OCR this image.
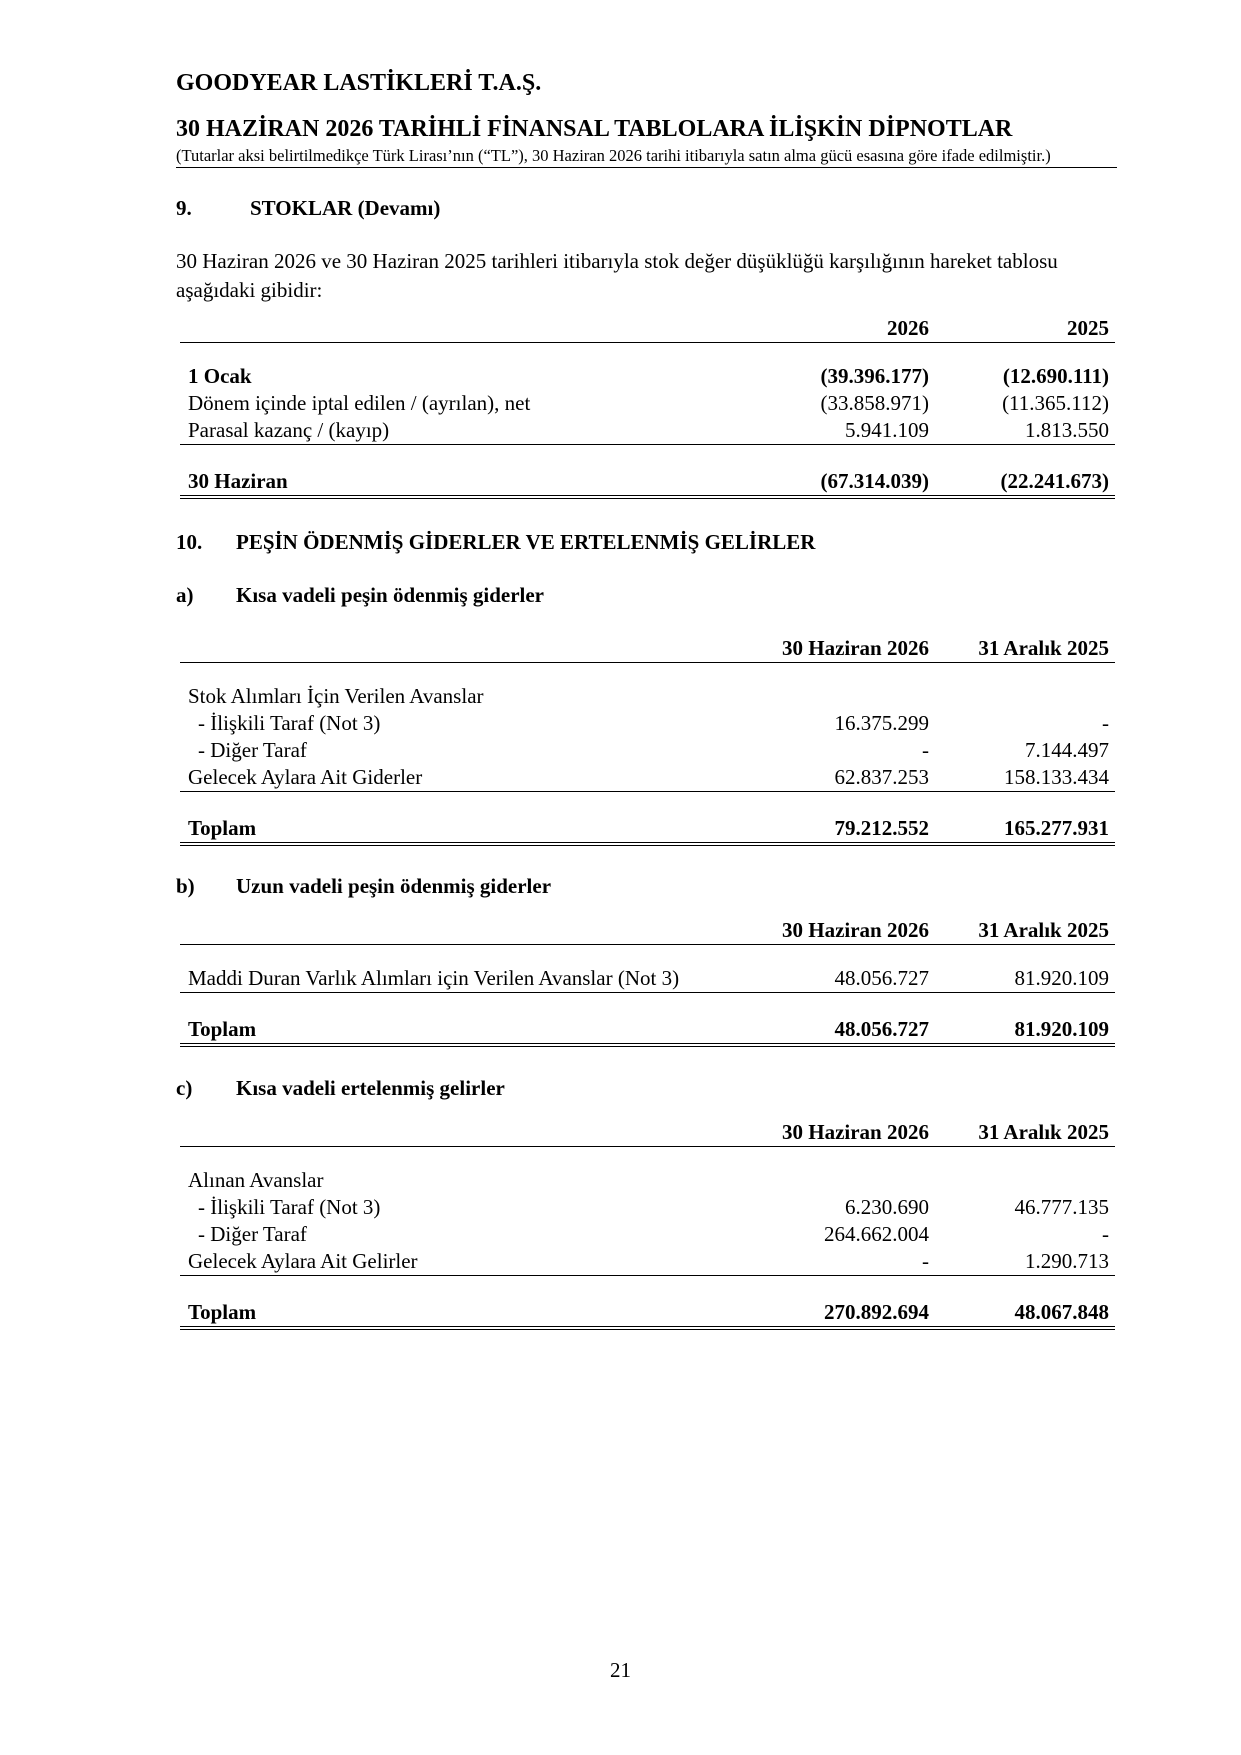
GOODYEAR LASTİKLERİ T.A.Ş.
30 HAZİRAN 2026 TARİHLİ FİNANSAL TABLOLARA İLİŞKİN DİPNOTLAR
(Tutarlar aksi belirtilmedikçe Türk Lirası’nın (“TL”), 30 Haziran 2026 tarihi itibarıyla satın alma gücü esasına göre ifade edilmiştir.)
9.	STOKLAR (Devamı)
30 Haziran 2026 ve 30 Haziran 2025 tarihleri itibarıyla stok değer düşüklüğü karşılığının hareket tablosu aşağıdaki gibidir:
	2026	2025

1 Ocak	(39.396.177)	(12.690.111)
Dönem içinde iptal edilen / (ayrılan), net	(33.858.971)	(11.365.112)
Parasal kazanç / (kayıp)	5.941.109	1.813.550

30 Haziran	(67.314.039)	(22.241.673)
10. PEŞİN ÖDENMİŞ GİDERLER VE ERTELENMİŞ GELİRLER
a) Kısa vadeli peşin ödenmiş giderler
	30 Haziran 2026	31 Aralık 2025

Stok Alımları İçin Verilen Avanslar		
- İlişkili Taraf (Not 3)	16.375.299	-
- Diğer Taraf	-	7.144.497
Gelecek Aylara Ait Giderler	62.837.253	158.133.434

Toplam	79.212.552	165.277.931
b) Uzun vadeli peşin ödenmiş giderler
	30 Haziran 2026	31 Aralık 2025

Maddi Duran Varlık Alımları için Verilen Avanslar (Not 3)	48.056.727	81.920.109

Toplam	48.056.727	81.920.109
c) Kısa vadeli ertelenmiş gelirler
	30 Haziran 2026	31 Aralık 2025

Alınan Avanslar		
- İlişkili Taraf (Not 3)	6.230.690	46.777.135
- Diğer Taraf	264.662.004	-
Gelecek Aylara Ait Gelirler	-	1.290.713

Toplam	270.892.694	48.067.848
21
